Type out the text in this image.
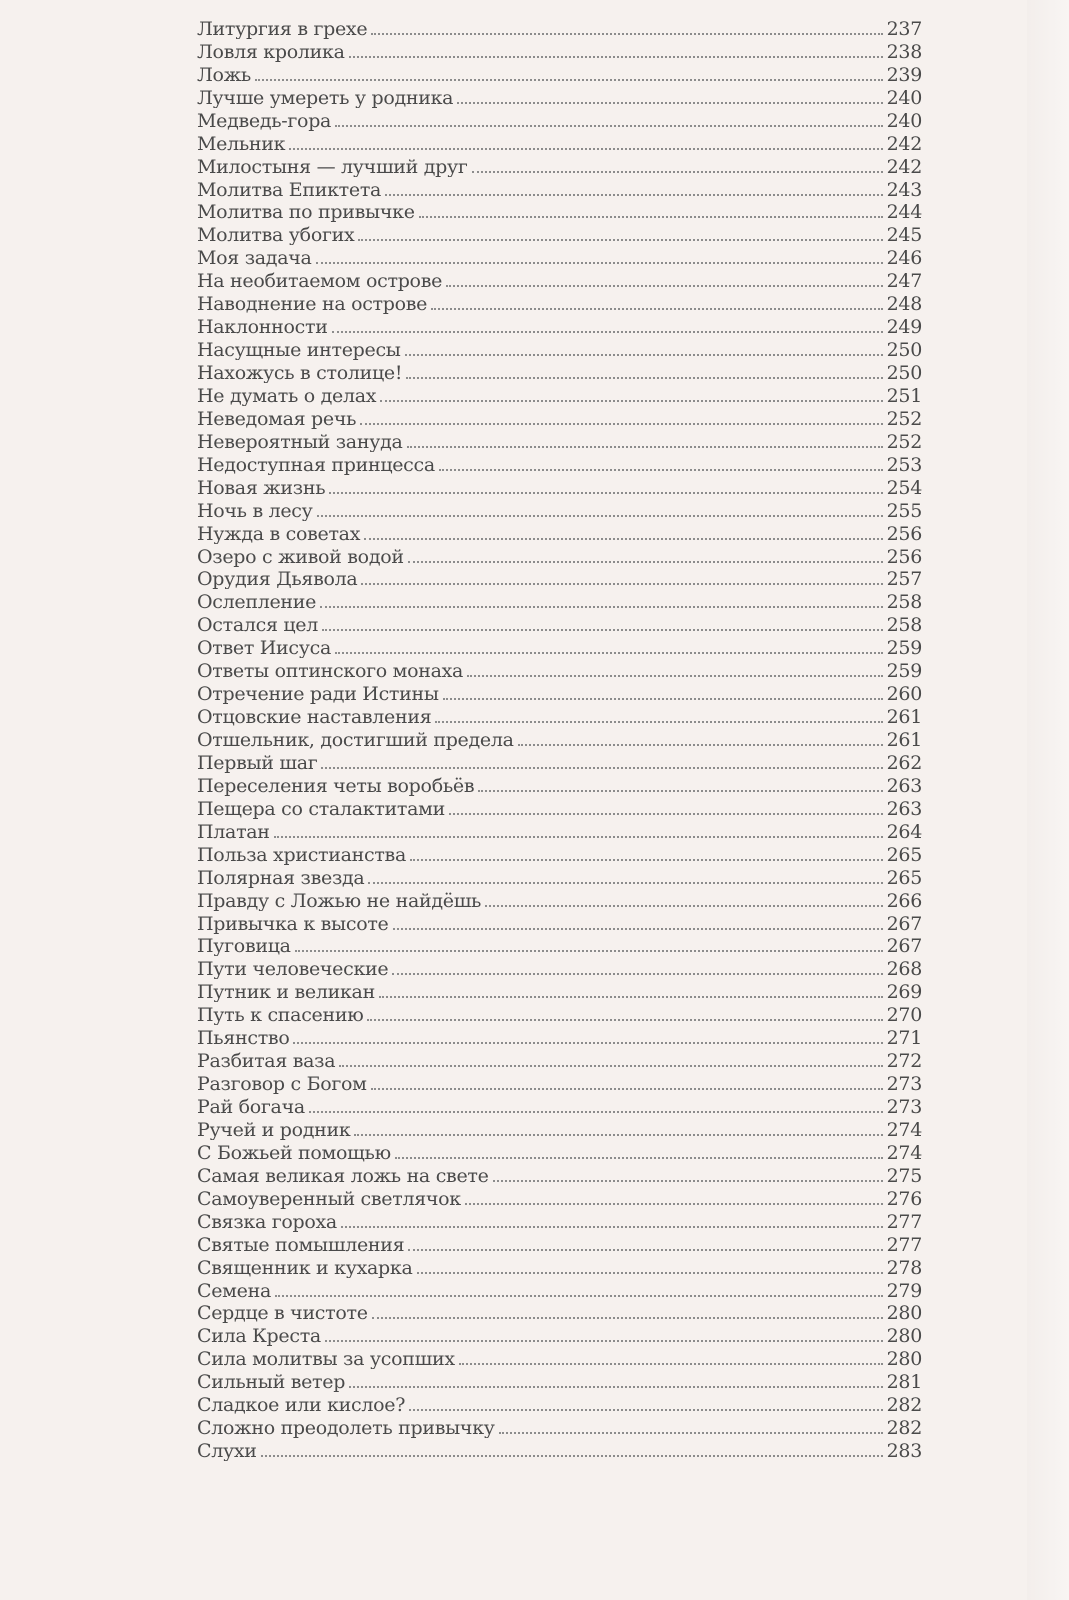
Литургия в грехе	237
Ловля кролика	238
Ложь	239
Лучше умереть у родника	240
Медведь-гора	240
Мельник	242
Милостыня — лучший друг	242
Молитва Епиктета	243
Молитва по привычке	244
Молитва убогих	245
Моя задача	246
На необитаемом острове	247
Наводнение на острове	248
Наклонности	249
Насущные интересы	250
Нахожусь в столице!	250
Не думать о делах	251
Неведомая речь	252
Невероятный зануда	252
Недоступная принцесса	253
Новая жизнь	254
Ночь в лесу	255
Нужда в советах	256
Озеро с живой водой	256
Орудия Дьявола	257
Ослепление	258
Остался цел	258
Ответ Иисуса	259
Ответы оптинского монаха	259
Отречение ради Истины	260
Отцовские наставления	261
Отшельник, достигший предела	261
Первый шаг	262
Переселения четы воробьёв	263
Пещера со сталактитами	263
Платан	264
Польза христианства	265
Полярная звезда	265
Правду с Ложью не найдёшь	266
Привычка к высоте	267
Пуговица	267
Пути человеческие	268
Путник и великан	269
Путь к спасению	270
Пьянство	271
Разбитая ваза	272
Разговор с Богом	273
Рай богача	273
Ручей и родник	274
С Божьей помощью	274
Самая великая ложь на свете	275
Самоуверенный светлячок	276
Связка гороха	277
Святые помышления	277
Священник и кухарка	278
Семена	279
Сердце в чистоте	280
Сила Креста	280
Сила молитвы за усопших	280
Сильный ветер	281
Сладкое или кислое?	282
Сложно преодолеть привычку	282
Слухи	283
